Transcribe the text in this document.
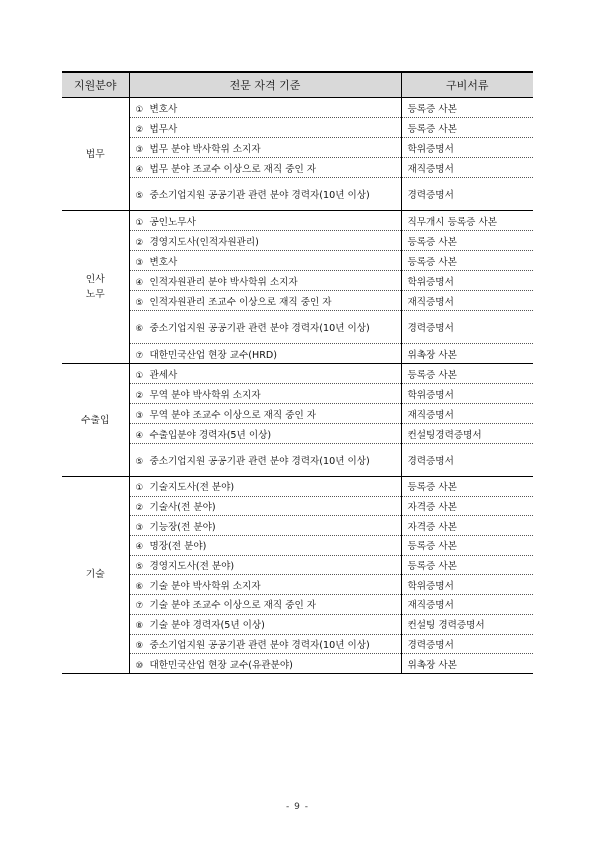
지원분야	전문 자격 기준	구비서류

법무	① 변호사	등록증 사본
	② 법무사	등록증 사본
	③ 법무 분야 박사학위 소지자	학위증명서
	④ 법무 분야 조교수 이상으로 재직 중인 자	재직증명서
	⑤ 중소기업지원 공공기관 관련 분야 경력자(10년 이상)	경력증명서

인사
노무	① 공인노무사	직무개시 등록증 사본
	② 경영지도사(인적자원관리)	등록증 사본
	③ 변호사	등록증 사본
	④ 인적자원관리 분야 박사학위 소지자	학위증명서
	⑤ 인적자원관리 조교수 이상으로 재직 중인 자	재직증명서
	⑥ 중소기업지원 공공기관 관련 분야 경력자(10년 이상)	경력증명서
	⑦ 대한민국산업 현장 교수(HRD)	위촉장 사본

수출입	① 관세사	등록증 사본
	② 무역 분야 박사학위 소지자	학위증명서
	③ 무역 분야 조교수 이상으로 재직 중인 자	재직증명서
	④ 수출입분야 경력자(5년 이상)	컨설팅경력증명서
	⑤ 중소기업지원 공공기관 관련 분야 경력자(10년 이상)	경력증명서

기술	① 기술지도사(전 분야)	등록증 사본
	② 기술사(전 분야)	자격증 사본
	③ 기능장(전 분야)	자격증 사본
	④ 명장(전 분야)	등록증 사본
	⑤ 경영지도사(전 분야)	등록증 사본
	⑥ 기술 분야 박사학위 소지자	학위증명서
	⑦ 기술 분야 조교수 이상으로 재직 중인 자	재직증명서
	⑧ 기술 분야 경력자(5년 이상)	컨설팅 경력증명서
	⑨ 중소기업지원 공공기관 관련 분야 경력자(10년 이상)	경력증명서
	⑩ 대한민국산업 현장 교수(유관분야)	위촉장 사본
- 9 -
